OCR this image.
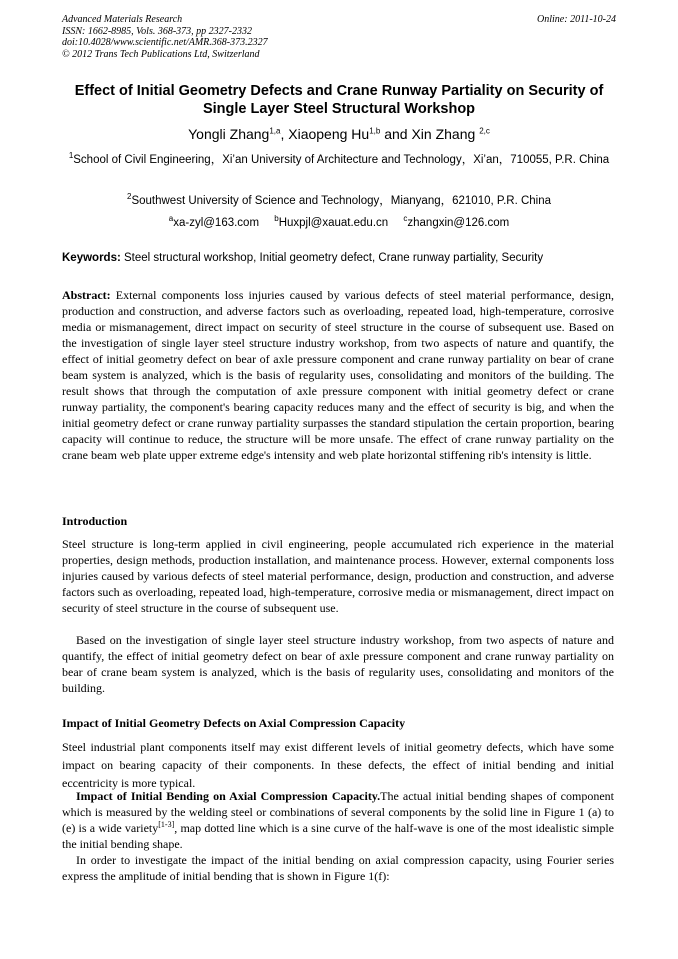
Advanced Materials Research
ISSN: 1662-8985, Vols. 368-373, pp 2327-2332
doi:10.4028/www.scientific.net/AMR.368-373.2327
© 2012 Trans Tech Publications Ltd, Switzerland
Online: 2011-10-24
Effect of Initial Geometry Defects and Crane Runway Partiality on Security of Single Layer Steel Structural Workshop
Yongli Zhang$^{1,a}$, Xiaopeng Hu$^{1,b}$ and Xin Zhang $^{2,c}$
$^1$School of Civil Engineering，Xi’an University of Architecture and Technology，Xi’an，710055, P.R. China
$^2$Southwest University of Science and Technology，Mianyang，621010, P.R. China
$^a$xa-zyl@163.com $^b$Huxpjl@xauat.edu.cn $^c$zhangxin@126.com
Keywords: Steel structural workshop, Initial geometry defect, Crane runway partiality, Security
Abstract: External components loss injuries caused by various defects of steel material performance, design, production and construction, and adverse factors such as overloading, repeated load, high-temperature, corrosive media or mismanagement, direct impact on security of steel structure in the course of subsequent use. Based on the investigation of single layer steel structure industry workshop, from two aspects of nature and quantify, the effect of initial geometry defect on bear of axle pressure component and crane runway partiality on bear of crane beam system is analyzed, which is the basis of regularity uses, consolidating and monitors of the building. The result shows that through the computation of axle pressure component with initial geometry defect or crane runway partiality, the component's bearing capacity reduces many and the effect of security is big, and when the initial geometry defect or crane runway partiality surpasses the standard stipulation the certain proportion, bearing capacity will continue to reduce, the structure will be more unsafe. The effect of crane runway partiality on the crane beam web plate upper extreme edge's intensity and web plate horizontal stiffening rib's intensity is little.
Introduction
Steel structure is long-term applied in civil engineering, people accumulated rich experience in the material properties, design methods, production installation, and maintenance process. However, external components loss injuries caused by various defects of steel material performance, design, production and construction, and adverse factors such as overloading, repeated load, high-temperature, corrosive media or mismanagement, direct impact on security of steel structure in the course of subsequent use.
Based on the investigation of single layer steel structure industry workshop, from two aspects of nature and quantify, the effect of initial geometry defect on bear of axle pressure component and crane runway partiality on bear of crane beam system is analyzed, which is the basis of regularity uses, consolidating and monitors of the building.
Impact of Initial Geometry Defects on Axial Compression Capacity
Steel industrial plant components itself may exist different levels of initial geometry defects, which have some impact on bearing capacity of their components. In these defects, the effect of initial bending and initial eccentricity is more typical.
Impact of Initial Bending on Axial Compression Capacity.The actual initial bending shapes of component which is measured by the welding steel or combinations of several components by the solid line in Figure 1 (a) to (e) is a wide variety[1-3], map dotted line which is a sine curve of the half-wave is one of the most idealistic simple the initial bending shape.
In order to investigate the impact of the initial bending on axial compression capacity, using Fourier series express the amplitude of initial bending that is shown in Figure 1(f):
